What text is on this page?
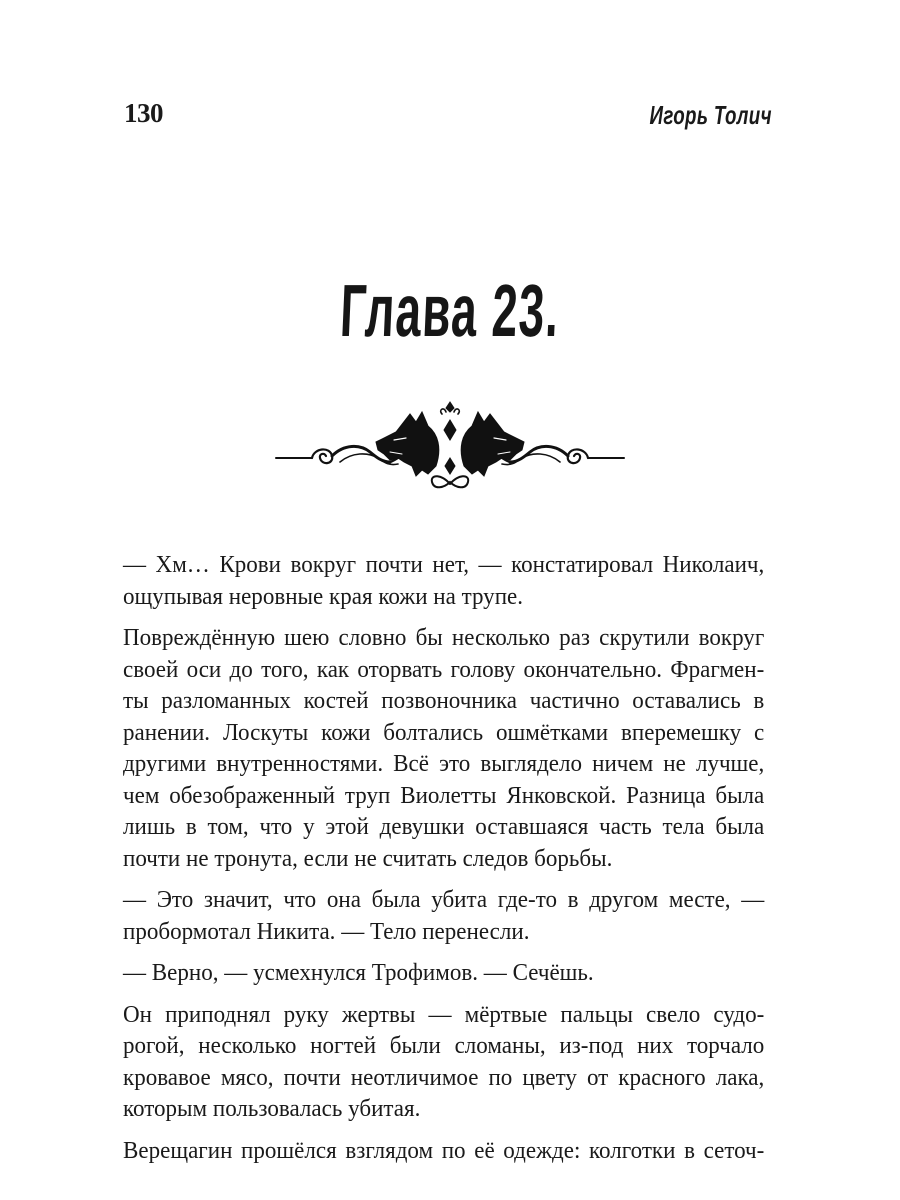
130	Игорь Толич
Глава 23.

— Хм… Крови вокруг почти нет, — констатировал Николаич,
ощупывая неровные края кожи на трупе.

Повреждённую шею словно бы несколько раз скрутили вокруг
своей оси до того, как оторвать голову окончательно. Фрагмен-
ты разломанных костей позвоночника частично оставались в
ранении. Лоскуты кожи болтались ошмётками вперемешку с
другими внутренностями. Всё это выглядело ничем не лучше,
чем обезображенный труп Виолетты Янковской. Разница была
лишь в том, что у этой девушки оставшаяся часть тела была
почти не тронута, если не считать следов борьбы.

— Это значит, что она была убита где-то в другом месте, —
пробормотал Никита. — Тело перенесли.

— Верно, — усмехнулся Трофимов. — Сечёшь.

Он приподнял руку жертвы — мёртвые пальцы свело судо-
рогой, несколько ногтей были сломаны, из-под них торчало
кровавое мясо, почти неотличимое по цвету от красного лака,
которым пользовалась убитая.

Верещагин прошёлся взглядом по её одежде: колготки в сеточ-
